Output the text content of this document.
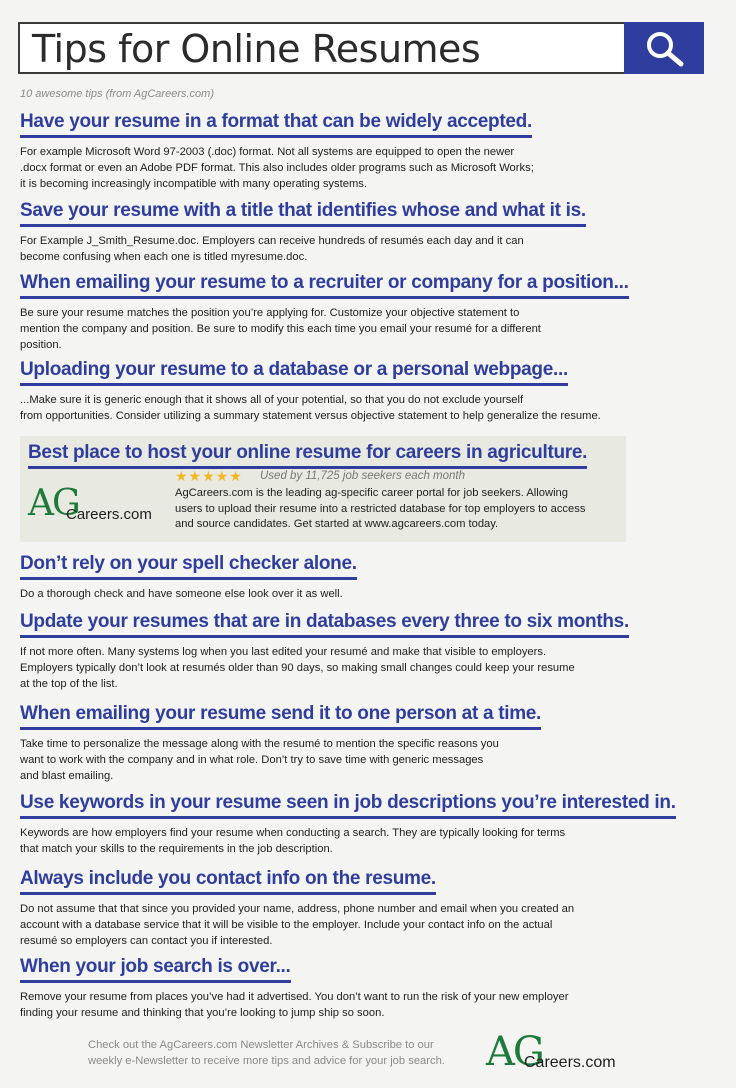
Tips for Online Resumes
10 awesome tips (from AgCareers.com)
Have your resume in a format that can be widely accepted.
For example Microsoft Word 97-2003 (.doc) format. Not all systems are equipped to open the newer
.docx format or even an Adobe PDF format. This also includes older programs such as Microsoft Works;
it is becoming increasingly incompatible with many operating systems.
Save your resume with a title that identifies whose and what it is.
For Example J_Smith_Resume.doc. Employers can receive hundreds of resumés each day and it can
become confusing when each one is titled myresume.doc.
When emailing your resume to a recruiter or company for a position...
Be sure your resume matches the position you’re applying for. Customize your objective statement to
mention the company and position. Be sure to modify this each time you email your resumé for a different
position.
Uploading your resume to a database or a personal webpage...
...Make sure it is generic enough that it shows all of your potential, so that you do not exclude yourself
from opportunities. Consider utilizing a summary statement versus objective statement to help generalize the resume.
Best place to host your online resume for careers in agriculture.
AG
Careers.com
★★★★★ Used by 11,725 job seekers each month
AgCareers.com is the leading ag-specific career portal for job seekers. Allowing
users to upload their resume into a restricted database for top employers to access
and source candidates. Get started at www.agcareers.com today.
Don’t rely on your spell checker alone.
Do a thorough check and have someone else look over it as well.
Update your resumes that are in databases every three to six months.
If not more often. Many systems log when you last edited your resumé and make that visible to employers.
Employers typically don’t look at resumés older than 90 days, so making small changes could keep your resume
at the top of the list.
When emailing your resume send it to one person at a time.
Take time to personalize the message along with the resumé to mention the specific reasons you
want to work with the company and in what role. Don’t try to save time with generic messages
and blast emailing.
Use keywords in your resume seen in job descriptions you’re interested in.
Keywords are how employers find your resume when conducting a search. They are typically looking for terms
that match your skills to the requirements in the job description.
Always include you contact info on the resume.
Do not assume that that since you provided your name, address, phone number and email when you created an
account with a database service that it will be visible to the employer. Include your contact info on the actual
resumé so employers can contact you if interested.
When your job search is over...
Remove your resume from places you’ve had it advertised. You don’t want to run the risk of your new employer
finding your resume and thinking that you’re looking to jump ship so soon.
Check out the AgCareers.com Newsletter Archives & Subscribe to our
weekly e-Newsletter to receive more tips and advice for your job search.	AG
Careers.com
